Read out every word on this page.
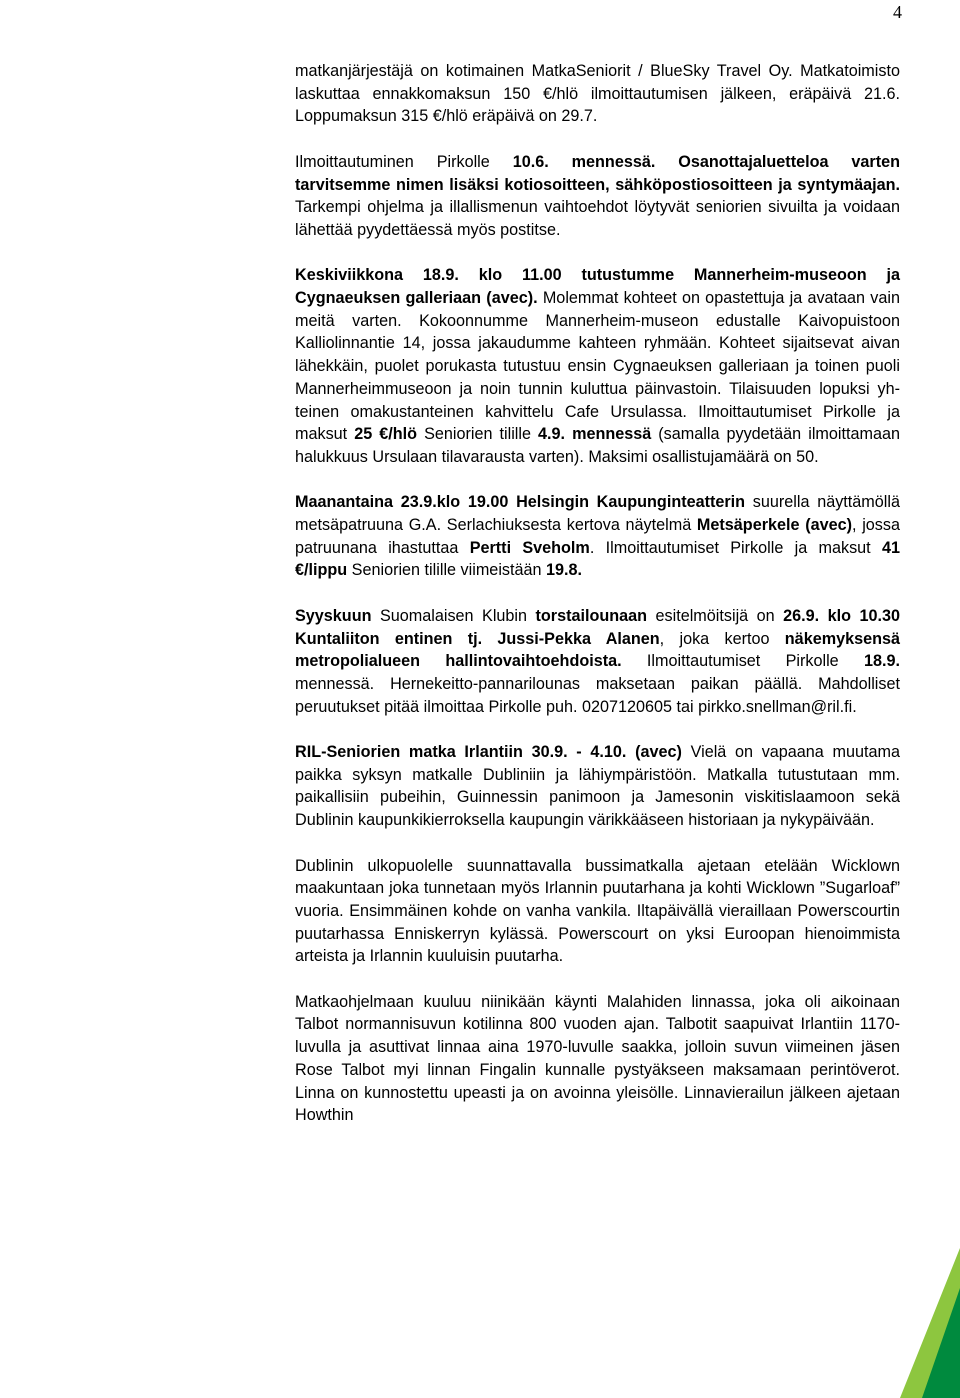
4

matkanjärjestäjä on kotimainen MatkaSeniorit / BlueSky Travel Oy. Matkatoimisto laskuttaa ennakkomaksun 150 €/hlö ilmoittautumisen jälkeen, eräpäivä 21.6. Loppumaksun 315 €/hlö eräpäivä on 29.7.

Ilmoittautuminen Pirkolle 10.6. mennessä. Osanottajaluetteloa varten tarvitsemme nimen lisäksi kotiosoitteen, sähköpostiosoitteen ja syntymäajan. Tarkempi ohjelma ja illallismenun vaihtoehdot löytyvät seniorien sivuilta ja voidaan lähettää pyydettäessä myös postitse.

Keskiviikkona 18.9. klo 11.00 tutustumme Mannerheim-museoon ja Cygnaeuksen galleriaan (avec). Molemmat kohteet on opastettuja ja avataan vain meitä varten. Kokoonnumme Mannerheim-museon edustalle Kaivopuistoon Kalliolinnantie 14, jossa jakaudumme kahteen ryhmään. Kohteet sijaitsevat aivan lähekkäin, puolet porukasta tutustuu ensin Cygnaeuksen galleriaan ja toinen puoli Mannerheimmuseoon ja noin tunnin kuluttua päinvastoin. Tilaisuuden lopuksi yhteinen omakustanteinen kahvittelu Cafe Ursulassa. Ilmoittautumiset Pirkolle ja maksut 25 €/hlö Seniorien tilille 4.9. mennessä (samalla pyydetään ilmoittamaan halukkuus Ursulaan tilavarausta varten). Maksimi osallistujamäärä on 50.

Maanantaina 23.9.klo 19.00 Helsingin Kaupunginteatterin suurella näyttämöllä metsäpatruuna G.A. Serlachiuksesta kertova näytelmä Metsäperkele (avec), jossa patruunana ihastuttaa Pertti Sveholm. Ilmoittautumiset Pirkolle ja maksut 41 €/lippu Seniorien tilille viimeistään 19.8.

Syyskuun Suomalaisen Klubin torstailounaan esitelmöitsijä on 26.9. klo 10.30 Kuntaliiton entinen tj. Jussi-Pekka Alanen, joka kertoo näkemyksensä metropolialueen hallintovaihtoehdoista. Ilmoittautumiset Pirkolle 18.9. mennessä. Hernekeitto-pannarilounas maksetaan paikan päällä. Mahdolliset peruutukset pitää ilmoittaa Pirkolle puh. 0207120605 tai pirkko.snellman@ril.fi.

RIL-Seniorien matka Irlantiin 30.9. - 4.10. (avec) Vielä on vapaana muutama paikka syksyn matkalle Dubliniin ja lähiympäristöön. Matkalla tutustutaan mm. paikallisiin pubeihin, Guinnessin panimoon ja Jamesonin viskitislaamoon sekä Dublinin kaupunkikierroksella kaupungin värikkääseen historiaan ja nykypäivään.

Dublinin ulkopuolelle suunnattavalla bussimatkalla ajetaan etelään Wicklown maakuntaan joka tunnetaan myös Irlannin puutarhana ja kohti Wicklown ”Sugarloaf” vuoria. Ensimmäinen kohde on vanha vankila. Iltapäivällä vieraillaan Powerscourtin puutarhassa Enniskerryn kylässä. Powerscourt on yksi Euroopan hienoimmista arteista ja Irlannin kuuluisin puutarha.

Matkaohjelmaan kuuluu niinikään käynti Malahiden linnassa, joka oli aikoinaan Talbot normannisuvun kotilinna 800 vuoden ajan. Talbotit saapuivat Irlantiin 1170-luvulla ja asuttivat linnaa aina 1970-luvulle saakka, jolloin suvun viimeinen jäsen Rose Talbot myi linnan Fingalin kunnalle pystyäkseen maksamaan perintöverot. Linna on kunnostettu upeasti ja on avoinna yleisölle. Linnavierailun jälkeen ajetaan Howthin
